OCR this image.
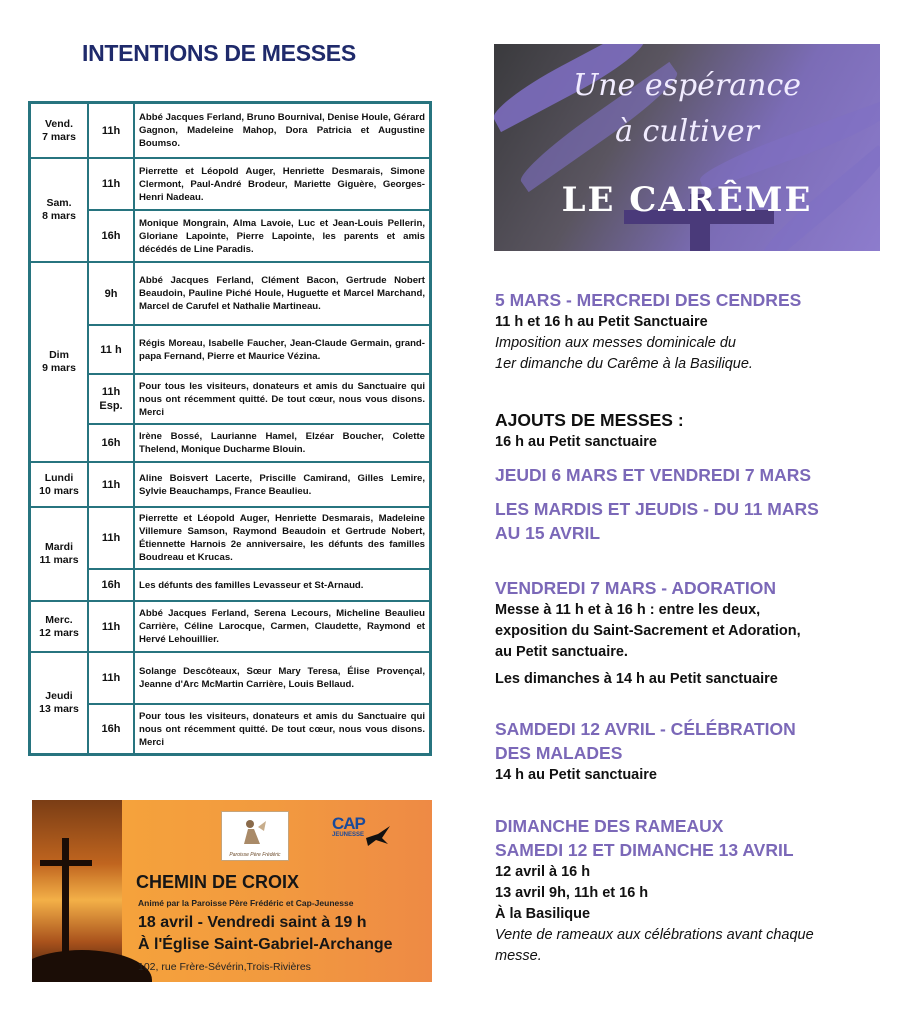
INTENTIONS DE MESSES
Vend.
7 mars	11h	Abbé Jacques Ferland, Bruno Bournival, Denise Houle, Gérard Gagnon, Madeleine Mahop, Dora Patricia et Augustine Boumso.

Sam.
8 mars	11h	Pierrette et Léopold Auger, Henriette Desmarais, Simone Clermont, Paul-André Brodeur, Mariette Giguère, Georges-Henri Nadeau.
	16h	Monique Mongrain, Alma Lavoie, Luc et Jean-Louis Pellerin, Gloriane Lapointe, Pierre Lapointe, les parents et amis décédés de Line Paradis.

Dim
9 mars	9h	Abbé Jacques Ferland, Clément Bacon, Gertrude Nobert Beaudoin, Pauline Piché Houle, Huguette et Marcel Marchand, Marcel de Carufel et Nathalie Martineau.
	11 h	Régis Moreau, Isabelle Faucher, Jean-Claude Germain, grand-papa Fernand, Pierre et Maurice Vézina.
	11h Esp.	Pour tous les visiteurs, donateurs et amis du Sanctuaire qui nous ont récemment quitté. De tout cœur, nous vous disons. Merci
	16h	Irène Bossé, Laurianne Hamel, Elzéar Boucher, Colette Thelend, Monique Ducharme Blouin.

Lundi
10 mars	11h	Aline Boisvert Lacerte, Priscille Camirand, Gilles Lemire, Sylvie Beauchamps, France Beaulieu.

Mardi
11 mars	11h	Pierrette et Léopold Auger, Henriette Desmarais, Madeleine Villemure Samson, Raymond Beaudoin et Gertrude Nobert, Étiennette Harnois 2e anniversaire, les défunts des familles Boudreau et Krucas.
	16h	Les défunts des familles Levasseur et St-Arnaud.

Merc.
12 mars	11h	Abbé Jacques Ferland, Serena Lecours, Micheline Beaulieu Carrière, Céline Larocque, Carmen, Claudette, Raymond et Hervé Lehouillier.

Jeudi
13 mars	11h	Solange Descôteaux, Sœur Mary Teresa, Élise Provençal, Jeanne d'Arc McMartin Carrière, Louis Bellaud.
	16h	Pour tous les visiteurs, donateurs et amis du Sanctuaire qui nous ont récemment quitté. De tout cœur, nous vous disons. Merci
Paroisse Père Frédéric
CAP
JEUNESSE
CHEMIN DE CROIX
Animé par la Paroisse Père Frédéric et Cap-Jeunesse
18 avril - Vendredi saint à 19 h
À l'Église Saint-Gabriel-Archange
102, rue Frère-Sévérin,Trois-Rivières
Une espérance
à cultiver
LE CARÊME
5 MARS - MERCREDI DES CENDRES
11 h et 16 h au Petit Sanctuaire
Imposition aux messes dominicale du
1er dimanche du Carême à la Basilique.
AJOUTS DE MESSES :
16 h au Petit sanctuaire
JEUDI 6 MARS ET VENDREDI 7 MARS
LES MARDIS ET JEUDIS - DU 11 MARS
AU 15 AVRIL
VENDREDI 7 MARS - ADORATION
Messe à 11 h et à 16 h : entre les deux,
exposition du Saint-Sacrement et Adoration,
au Petit sanctuaire.
Les dimanches à 14 h au Petit sanctuaire
SAMDEDI 12 AVRIL - CÉLÉBRATION
DES MALADES
14 h au Petit sanctuaire
DIMANCHE DES RAMEAUX
SAMEDI 12 ET DIMANCHE 13 AVRIL
12 avril à 16 h
13 avril 9h, 11h et 16 h
À la Basilique
Vente de rameaux aux célébrations avant chaque
messe.
